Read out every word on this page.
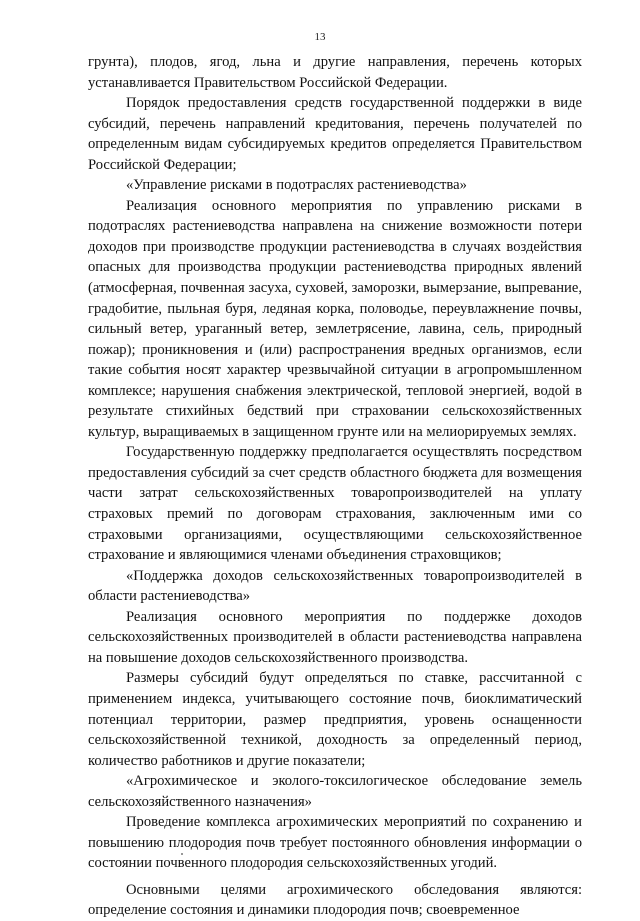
13

грунта), плодов, ягод, льна и другие направления, перечень которых устанавливается Правительством Российской Федерации.

Порядок предоставления средств государственной поддержки в виде субсидий, перечень направлений кредитования, перечень получателей по определенным видам субсидируемых кредитов определяется Правительством Российской Федерации;

«Управление рисками в подотраслях растениеводства»

Реализация основного мероприятия по управлению рисками в подотраслях растениеводства направлена на снижение возможности потери доходов при производстве продукции растениеводства в случаях воздействия опасных для производства продукции растениеводства природных явлений (атмосферная, почвенная засуха, суховей, заморозки, вымерзание, выпревание, градобитие, пыльная буря, ледяная корка, половодье, переувлажнение почвы, сильный ветер, ураганный ветер, землетрясение, лавина, сель, природный пожар); проникновения и (или) распространения вредных организмов, если такие события носят характер чрезвычайной ситуации в агропромышленном комплексе; нарушения снабжения электрической, тепловой энергией, водой в результате стихийных бедствий при страховании сельскохозяйственных культур, выращиваемых в защищенном грунте или на мелиорируемых землях.

Государственную поддержку предполагается осуществлять посредством предоставления субсидий за счет средств областного бюджета для возмещения части затрат сельскохозяйственных товаропроизводителей на уплату страховых премий по договорам страхования, заключенным ими со страховыми организациями, осуществляющими сельскохозяйственное страхование и являющимися членами объединения страховщиков;

«Поддержка доходов сельскохозяйственных товаропроизводителей в области растениеводства»

Реализация основного мероприятия по поддержке доходов сельскохозяйственных производителей в области растениеводства направлена на повышение доходов сельскохозяйственного производства.

Размеры субсидий будут определяться по ставке, рассчитанной с применением индекса, учитывающего состояние почв, биоклиматический потенциал территории, размер предприятия, уровень оснащенности сельскохозяйственной техникой, доходность за определенный период, количество работников и другие показатели;

«Агрохимическое и эколого-токсилогическое обследование земель сельскохозяйственного назначения»

Проведение комплекса агрохимических мероприятий по сохранению и повышению плодородия почв требует постоянного обновления информации о состоянии почвенного плодородия сельскохозяйственных угодий.

Основными целями агрохимического обследования являются: определение состояния и динамики плодородия почв; своевременное
